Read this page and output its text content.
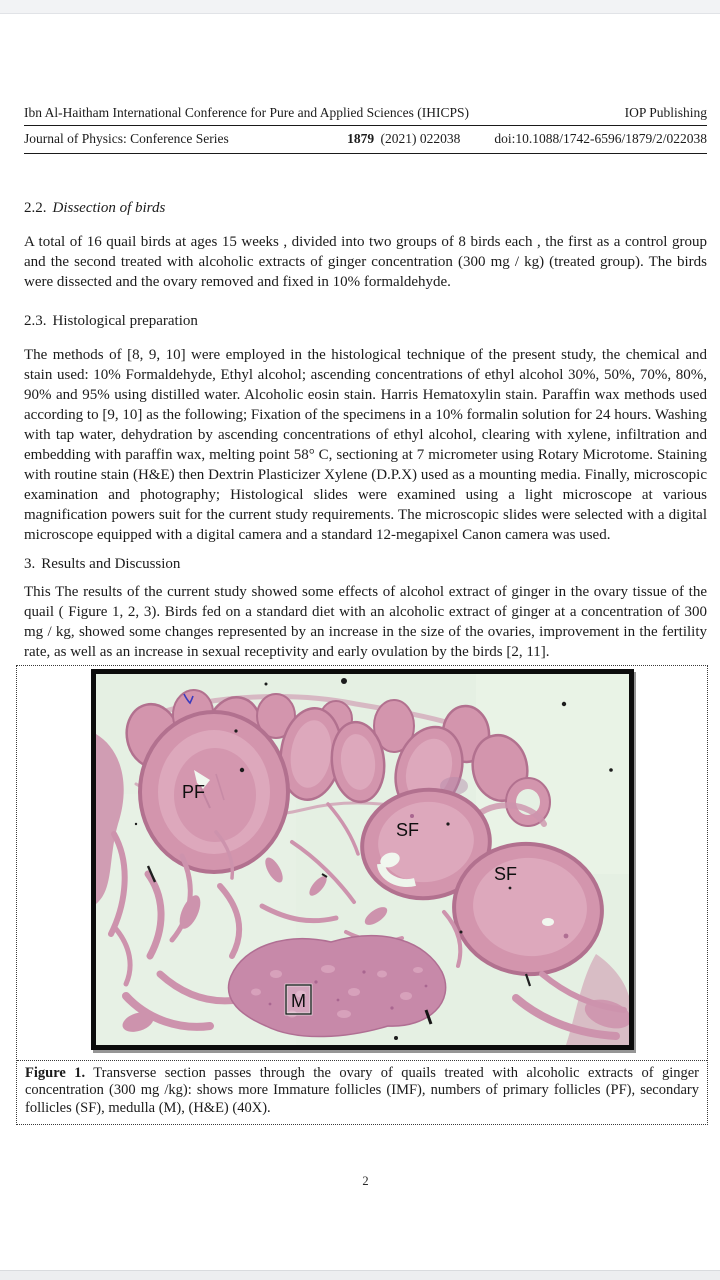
Ibn Al-Haitham International Conference for Pure and Applied Sciences (IHICPS)	IOP Publishing
Journal of Physics: Conference Series	1879 (2021) 022038	doi:10.1088/1742-6596/1879/2/022038
2.2. Dissection of birds

A total of 16 quail birds at ages 15 weeks , divided into two groups of 8 birds each , the first as a control group and the second treated with alcoholic extracts of ginger concentration (300 mg / kg) (treated group). The birds were dissected and the ovary removed and fixed in 10% formaldehyde.

2.3. Histological preparation

The methods of [8, 9, 10] were employed in the histological technique of the present study, the chemical and stain used: 10% Formaldehyde, Ethyl alcohol; ascending concentrations of ethyl alcohol 30%, 50%, 70%, 80%, 90% and 95% using distilled water. Alcoholic eosin stain. Harris Hematoxylin stain. Paraffin wax methods used according to [9, 10] as the following; Fixation of the specimens in a 10% formalin solution for 24 hours. Washing with tap water, dehydration by ascending concentrations of ethyl alcohol, clearing with xylene, infiltration and embedding with paraffin wax, melting point 58° C, sectioning at 7 micrometer using Rotary Microtome. Staining with routine stain (H&E) then Dextrin Plasticizer Xylene (D.P.X) used as a mounting media. Finally, microscopic examination and photography; Histological slides were examined using a light microscope at various magnification powers suit for the current study requirements. The microscopic slides were selected with a digital microscope equipped with a digital camera and a standard 12-megapixel Canon camera was used.

3. Results and Discussion

This The results of the current study showed some effects of alcohol extract of ginger in the ovary tissue of the quail ( Figure 1, 2, 3). Birds fed on a standard diet with an alcoholic extract of ginger at a concentration of 300 mg / kg, showed some changes represented by an increase in the size of the ovaries, improvement in the fertility rate, as well as an increase in sexual receptivity and early ovulation by the birds [2, 11].

PF
SF
SF
M
Figure 1. Transverse section passes through the ovary of quails treated with alcoholic extracts of ginger concentration (300 mg /kg): shows more Immature follicles (IMF), numbers of primary follicles (PF), secondary follicles (SF), medulla (M), (H&E) (40X).
2
